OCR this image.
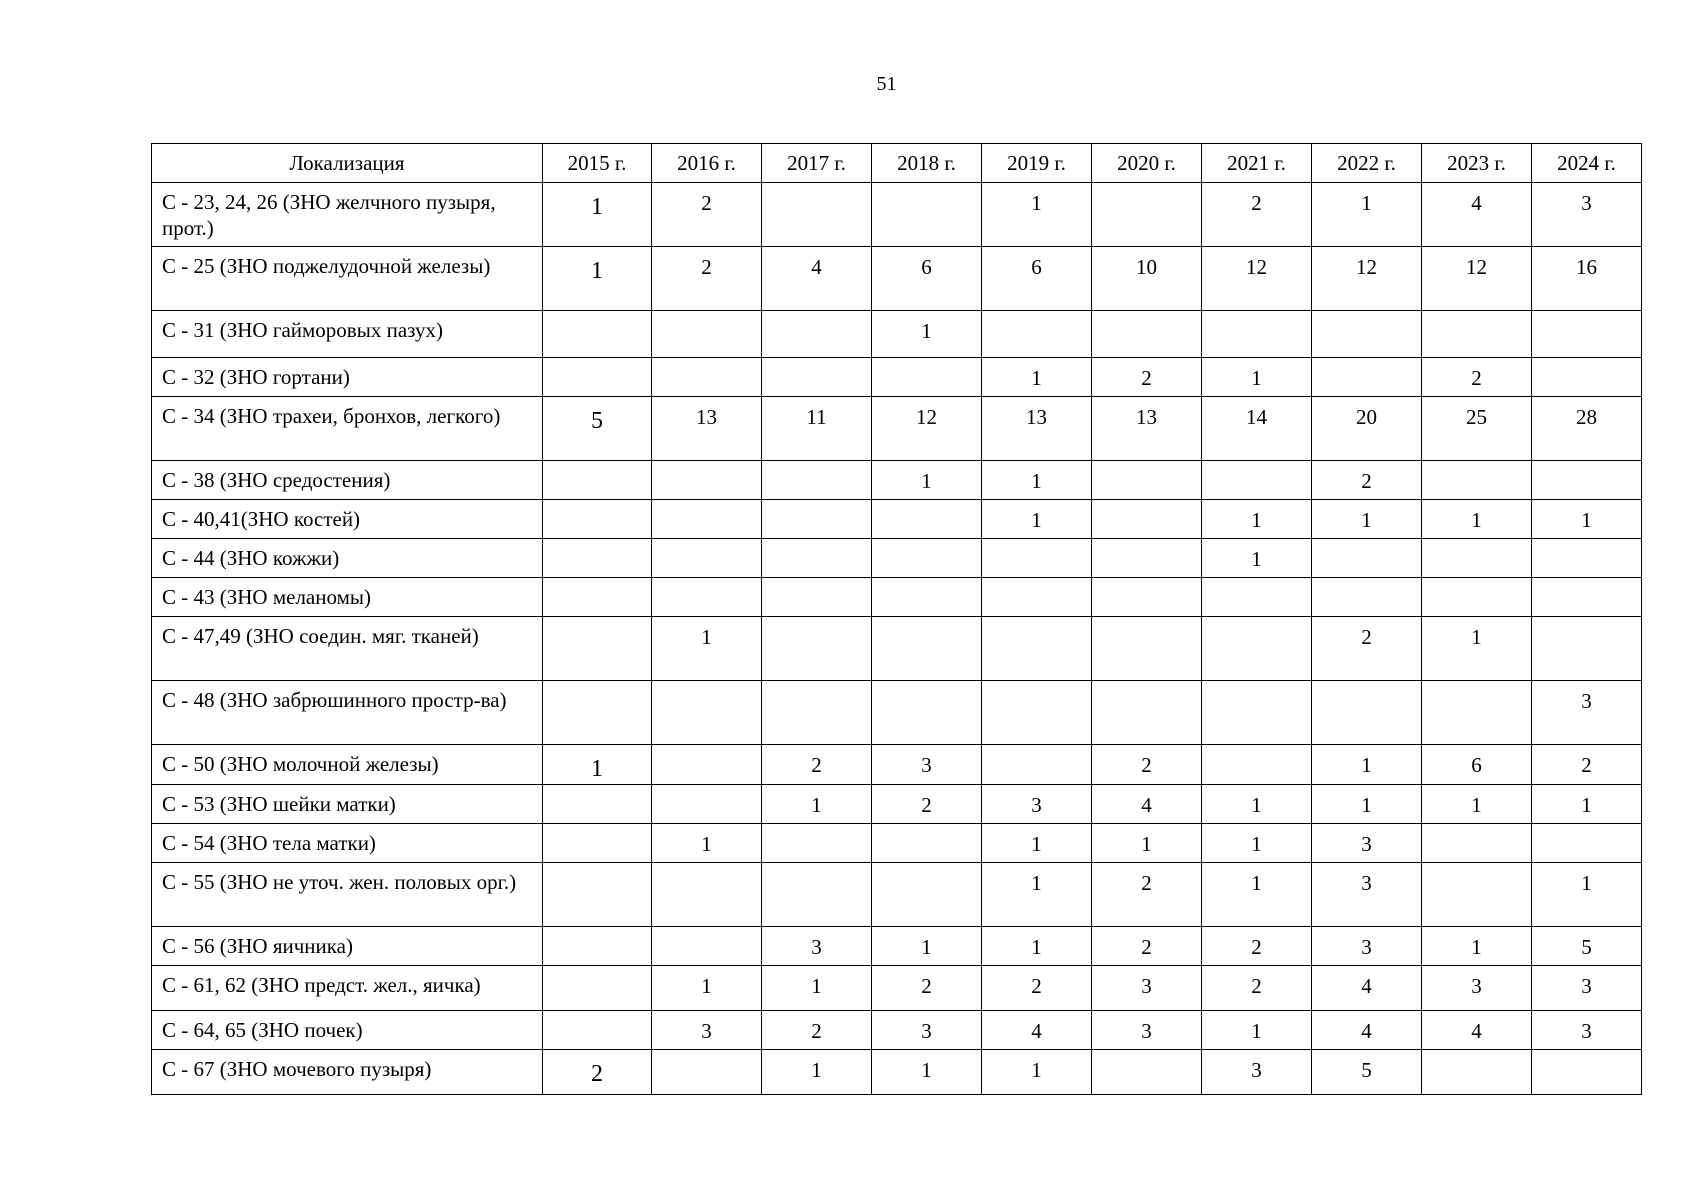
51
Локализация	2015 г.	2016 г.	2017 г.	2018 г.	2019 г.	2020 г.	2021 г.	2022 г.	2023 г.	2024 г.
С - 23, 24, 26 (ЗНО желчного пузыря, прот.)	1	2			1		2	1	4	3
С - 25 (ЗНО поджелудочной железы)	1	2	4	6	6	10	12	12	12	16
С - 31 (ЗНО гайморовых пазух)				1						
С - 32 (ЗНО гортани)					1	2	1		2	
С - 34 (ЗНО трахеи, бронхов, легкого)	5	13	11	12	13	13	14	20	25	28
С - 38 (ЗНО средостения)				1	1			2		
С - 40,41(ЗНО костей)					1		1	1	1	1
С - 44 (ЗНО кожжи)							1			
С - 43 (ЗНО меланомы)										
С - 47,49 (ЗНО соедин. мяг. тканей)		1						2	1	
С - 48 (ЗНО забрюшинного простр-ва)										3
С - 50 (ЗНО молочной железы)	1		2	3		2		1	6	2
С - 53 (ЗНО шейки матки)			1	2	3	4	1	1	1	1
С - 54 (ЗНО тела матки)		1			1	1	1	3		
С - 55 (ЗНО не уточ. жен. половых орг.)					1	2	1	3		1
С - 56 (ЗНО яичника)			3	1	1	2	2	3	1	5
С - 61, 62 (ЗНО предст. жел., яичка)		1	1	2	2	3	2	4	3	3
С - 64, 65 (ЗНО почек)		3	2	3	4	3	1	4	4	3
С - 67 (ЗНО мочевого пузыря)	2		1	1	1		3	5		
